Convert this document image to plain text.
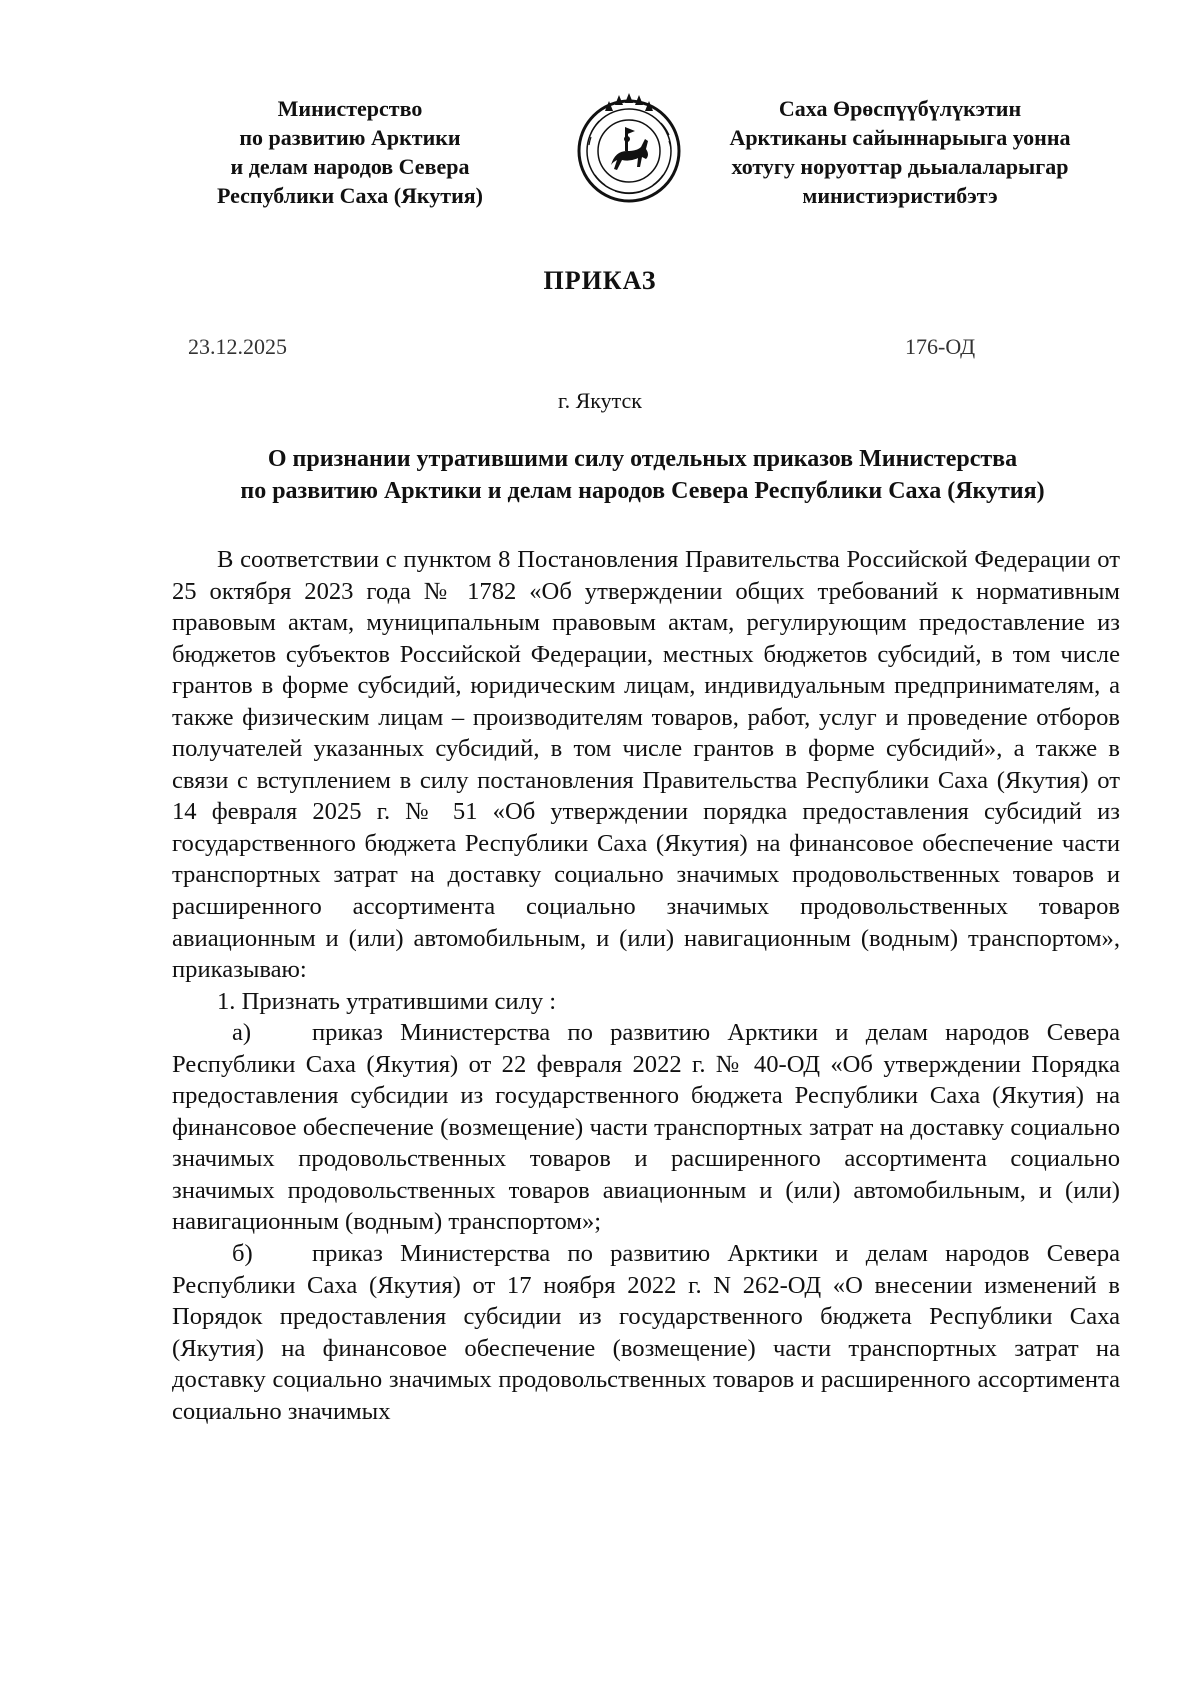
Министерство
по развитию Арктики
и делам народов Севера
Республики Саха (Якутия)
Саха Өрөспүүбүлүкэтин
Арктиканы сайыннарыыга уонна
хотугу норуоттар дьыалаларыгар
министиэристибэтэ
ПРИКАЗ
23.12.2025	176-ОД
г. Якутск
О признании утратившими силу отдельных приказов Министерства
по развитию Арктики и делам народов Севера Республики Саха (Якутия)

В соответствии с пунктом 8 Постановления Правительства Российской Федерации от 25 октября 2023 года № 1782 «Об утверждении общих требований к нормативным правовым актам, муниципальным правовым актам, регулирующим предоставление из бюджетов субъектов Российской Федерации, местных бюджетов субсидий, в том числе грантов в форме субсидий, юридическим лицам, индивидуальным предпринимателям, а также физическим лицам – производителям товаров, работ, услуг и проведение отборов получателей указанных субсидий, в том числе грантов в форме субсидий», а также в связи с вступлением в силу постановления Правительства Республики Саха (Якутия) от 14 февраля 2025 г. № 51 «Об утверждении порядка предоставления субсидий из государственного бюджета Республики Саха (Якутия) на финансовое обеспечение части транспортных затрат на доставку социально значимых продовольственных товаров и расширенного ассортимента социально значимых продовольственных товаров авиационным и (или) автомобильным, и (или) навигационным (водным) транспортом», приказываю:

1. Признать утратившими силу :

а) приказ Министерства по развитию Арктики и делам народов Севера Республики Саха (Якутия) от 22 февраля 2022 г. № 40-ОД «Об утверждении Порядка предоставления субсидии из государственного бюджета Республики Саха (Якутия) на финансовое обеспечение (возмещение) части транспортных затрат на доставку социально значимых продовольственных товаров и расширенного ассортимента социально значимых продовольственных товаров авиационным и (или) автомобильным, и (или) навигационным (водным) транспортом»;

б) приказ Министерства по развитию Арктики и делам народов Севера Республики Саха (Якутия) от 17 ноября 2022 г. N 262-ОД «О внесении изменений в Порядок предоставления субсидии из государственного бюджета Республики Саха (Якутия) на финансовое обеспечение (возмещение) части транспортных затрат на доставку социально значимых продовольственных товаров и расширенного ассортимента социально значимых
